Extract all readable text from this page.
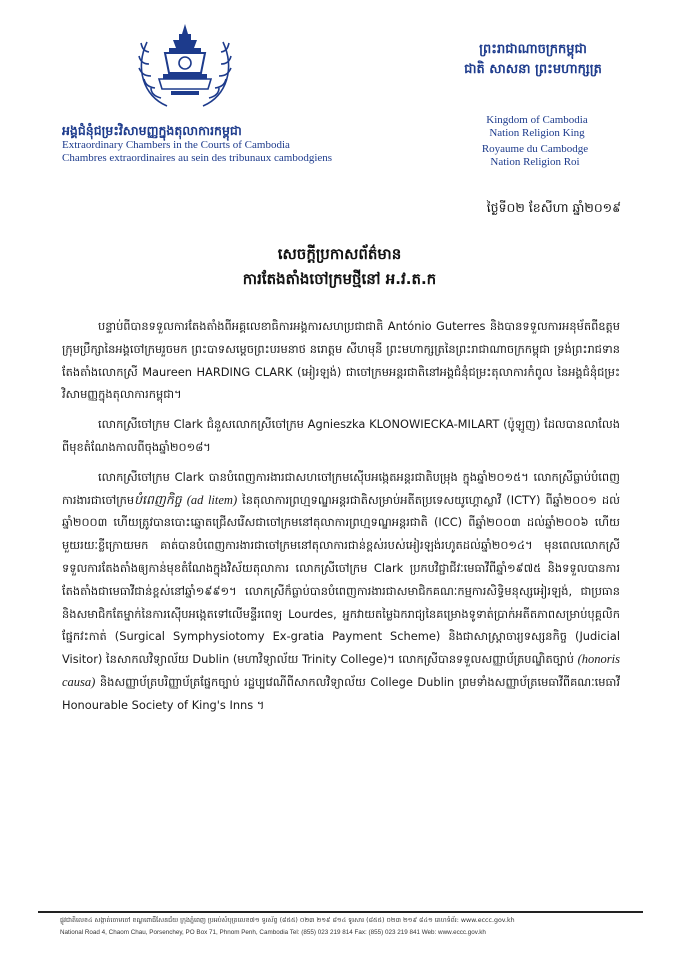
អង្គជំនុំជម្រះវិសាមញ្ញក្នុងតុលាការកម្ពុជា
Extraordinary Chambers in the Courts of Cambodia
Chambres extraordinaires au sein des tribunaux cambodgiens
ព្រះរាជាណាចក្រកម្ពុជា
ជាតិ សាសនា ព្រះមហាក្សត្រ
Kingdom of Cambodia
Nation Religion King
Royaume du Cambodge
Nation Religion Roi
ថ្ងៃទី០២ ខែសីហា ឆ្នាំ២០១៩
សេចក្តីប្រកាសព័ត៌មាន
ការតែងតាំងចៅក្រមថ្មីនៅ អ.វ.ត.ក

បន្ទាប់ពីបានទទួលការតែងតាំងពីអគ្គលេខាធិការអង្គការសហប្រជាជាតិ António Guterres និងបានទទួលការអនុម័តពីឧត្តមក្រុមប្រឹក្សានៃអង្គចៅក្រមរួចមក ព្រះបាទសម្តេចព្រះបរមនាថ នរោត្តម សីហមុនី ព្រះមហាក្សត្រនៃព្រះរាជាណាចក្រកម្ពុជា ទ្រង់ព្រះរាជទានតែងតាំងលោកស្រី Maureen HARDING CLARK (អៀរឡង់) ជាចៅក្រមអន្តរជាតិនៅអង្គជំនុំជម្រះតុលាការកំពូល នៃអង្គជំនុំជម្រះវិសាមញ្ញក្នុងតុលាការកម្ពុជា។

លោកស្រីចៅក្រម Clark ជំនួសលោកស្រីចៅក្រម Agnieszka KLONOWIECKA-MILART (ប៉ូឡូញ) ដែលបានលាលែងពីមុខតំណែងកាលពីចុងឆ្នាំ២០១៨។

លោកស្រីចៅក្រម Clark បានបំពេញការងារជាសហចៅក្រមស៊ើបអង្កេតអន្តរជាតិបម្រុង ក្នុងឆ្នាំ២០១៥។ លោកស្រីធ្លាប់បំពេញការងារជាចៅក្រមបំពេញកិច្ច (ad litem) នៃតុលាការព្រហ្មទណ្ឌអន្តរជាតិសម្រាប់អតីតប្រទេសយូហ្គោស្លាវី (ICTY) ពីឆ្នាំ២០០១ ដល់ឆ្នាំ២០០៣ ហើយត្រូវបានបោះឆ្នោតជ្រើសរើសជាចៅក្រមនៅតុលាការព្រហ្មទណ្ឌអន្តរជាតិ (ICC) ពីឆ្នាំ២០០៣ ដល់ឆ្នាំ២០០៦ ហើយមួយរយៈខ្លីក្រោយមក គាត់បានបំពេញការងារជាចៅក្រមនៅតុលាការជាន់ខ្ពស់របស់អៀរឡង់រហូតដល់ឆ្នាំ២០១៤។ មុនពេលលោកស្រីទទួលការតែងតាំងឲ្យកាន់មុខតំណែងក្នុងវិស័យតុលាការ លោកស្រីចៅក្រម Clark ប្រកបវិជ្ជាជីវៈមេធាវីពីឆ្នាំ១៩៧៥ និងទទួលបានការតែងតាំងជាមេធាវីជាន់ខ្ពស់នៅឆ្នាំ១៩៩១។ លោកស្រីក៏ធ្លាប់បានបំពេញការងារជាសមាជិកគណៈកម្មការសិទ្ធិមនុស្សអៀរឡង់, ជាប្រធាន និងសមាជិកតែម្នាក់នៃការស៊ើបអង្កេតទៅលើមន្ទីរពេទ្យ Lourdes, អ្នកវាយតម្លៃឯករាជ្យនៃគម្រោងទូទាត់ប្រាក់អតីតភាពសម្រាប់បុគ្គលិកផ្នែកវះកាត់ (Surgical Symphysiotomy Ex-gratia Payment Scheme) និងជាសាស្ត្រាចារ្យទស្សនកិច្ច (Judicial Visitor) នៃសាកលវិទ្យាល័យ Dublin (មហាវិទ្យាល័យ Trinity College)។ លោកស្រីបានទទួលសញ្ញាប័ត្របណ្ឌិតច្បាប់ (honoris causa) និងសញ្ញាប័ត្របរិញ្ញាប័ត្រផ្នែកច្បាប់ រដ្ឋប្បវេណីពីសាកលវិទ្យាល័យ College Dublin ព្រមទាំងសញ្ញាប័ត្រមេធាវីពីគណៈមេធាវី Honourable Society of King's Inns ។

ផ្លូវជាតិលេខ៤ សង្កាត់ចោមចៅ ខណ្ឌពោធិ៍សែនជ័យ ក្រុងភ្នំពេញ ប្រអប់សំបុត្រលេខ៧១ ទូរស័ព្ទ (៨៥៥) ០២៣ ២១៩ ៨១៤ ទូរសារ (៨៥៥) ០២៣ ២១៩ ៨៤១ គេហទំព័រ: www.eccc.gov.kh
National Road 4, Chaom Chau, Porsenchey, PO Box 71, Phnom Penh, Cambodia Tel: (855) 023 219 814 Fax: (855) 023 219 841 Web: www.eccc.gov.kh
